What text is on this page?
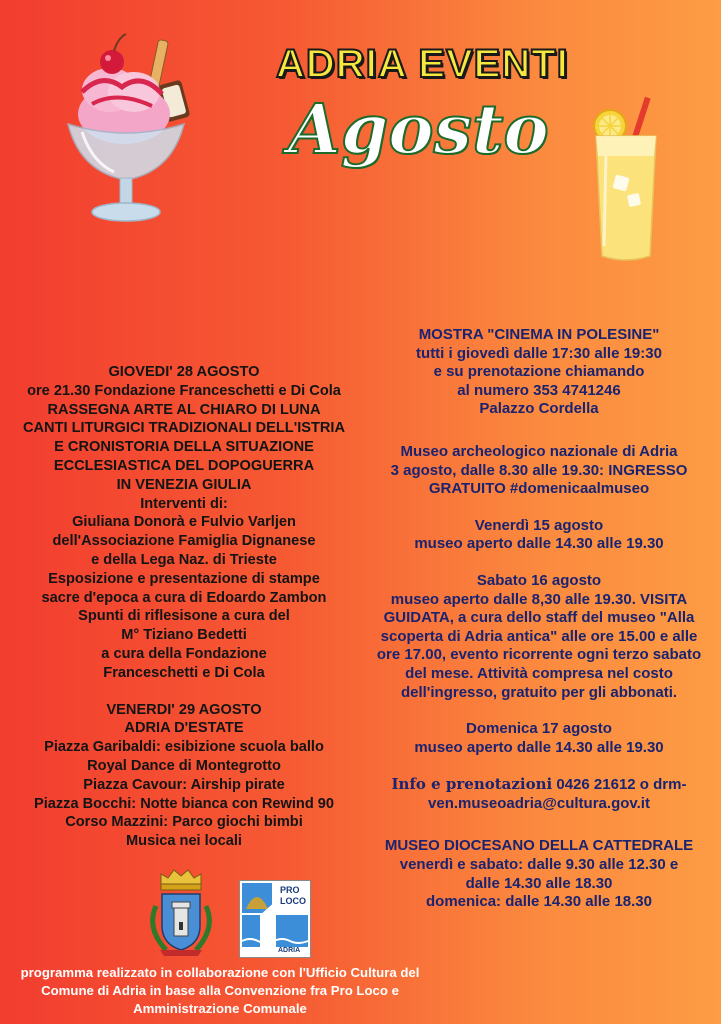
ADRIA EVENTI
Agosto

GIOVEDI' 28 AGOSTO

ore 21.30 Fondazione Franceschetti e Di Cola

RASSEGNA ARTE AL CHIARO DI LUNA

CANTI LITURGICI TRADIZIONALI DELL'ISTRIA

E CRONISTORIA DELLA SITUAZIONE

ECCLESIASTICA DEL DOPOGUERRA

IN VENEZIA GIULIA

Interventi di:

Giuliana Donorà e Fulvio Varljen

dell'Associazione Famiglia Dignanese

e della Lega Naz. di Trieste

Esposizione e presentazione di stampe

sacre d'epoca a cura di Edoardo Zambon

Spunti di riflesisone a cura del

M° Tiziano Bedetti

a cura della Fondazione

Franceschetti e Di Cola

VENERDI' 29 AGOSTO

ADRIA D'ESTATE

Piazza Garibaldi: esibizione scuola ballo

Royal Dance di Montegrotto

Piazza Cavour: Airship pirate

Piazza Bocchi: Notte bianca con Rewind 90

Corso Mazzini: Parco giochi bimbi

Musica nei locali

MOSTRA "CINEMA IN POLESINE"

tutti i giovedì dalle 17:30 alle 19:30

e su prenotazione chiamando

al numero 353 4741246

Palazzo Cordella

Museo archeologico nazionale di Adria

3 agosto, dalle 8.30 alle 19.30: INGRESSO

GRATUITO #domenicaalmuseo

Venerdì 15 agosto

museo aperto dalle 14.30 alle 19.30

Sabato 16 agosto

museo aperto dalle 8,30 alle 19.30. VISITA

GUIDATA, a cura dello staff del museo "Alla

scoperta di Adria antica" alle ore 15.00 e alle

ore 17.00, evento ricorrente ogni terzo sabato

del mese. Attività compresa nel costo

dell'ingresso, gratuito per gli abbonati.

Domenica 17 agosto

museo aperto dalle 14.30 alle 19.30

Info e prenotazioni 0426 21612 o drm-

ven.museoadria@cultura.gov.it

MUSEO DIOCESANO DELLA CATTEDRALE

venerdì e sabato: dalle 9.30 alle 12.30 e

dalle 14.30 alle 18.30

domenica: dalle 14.30 alle 18.30

PRO
LOCO
ADRIA

programma realizzato in collaborazione con l'Ufficio Cultura del

Comune di Adria in base alla Convenzione fra Pro Loco e

Amministrazione Comunale
